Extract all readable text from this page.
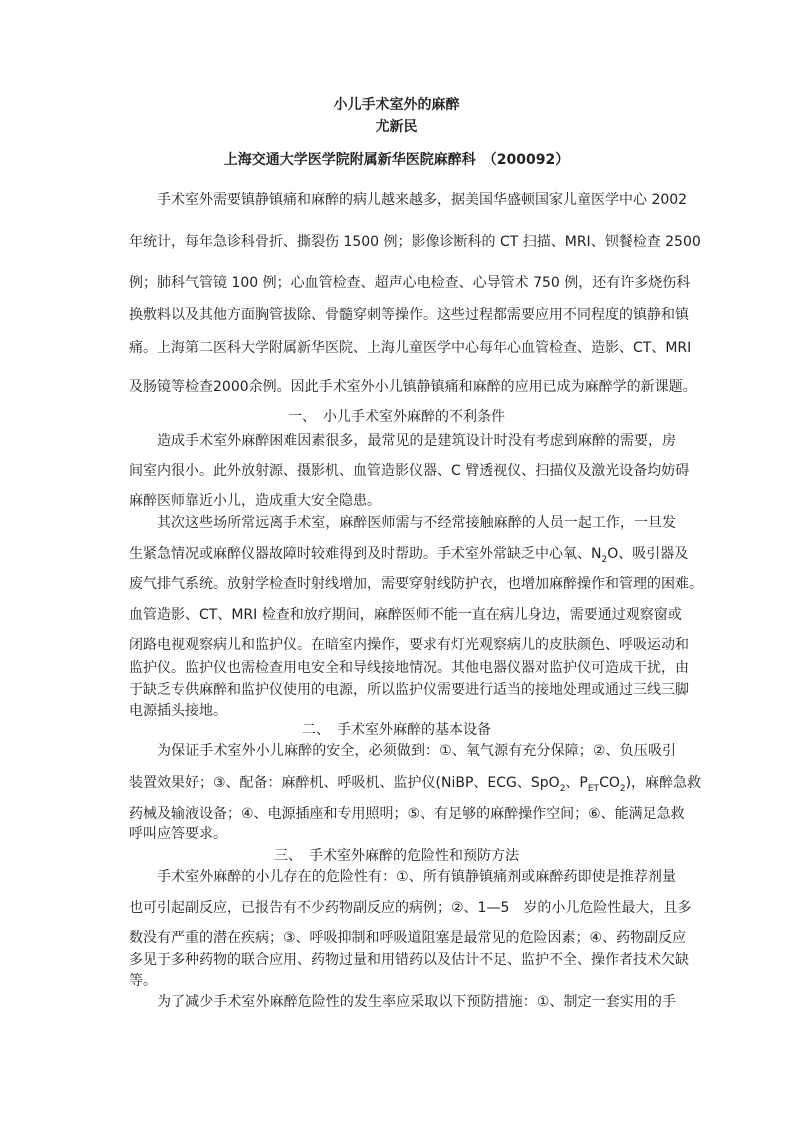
小儿手术室外的麻醉
尤新民
上海交通大学医学院附属新华医院麻醉科　（200092）
手术室外需要镇静镇痛和麻醉的病儿越来越多，据美国华盛顿国家儿童医学中心 2002
年统计，每年急诊科骨折、撕裂伤 1500 例；影像诊断科的 CT 扫描、MRI、钡餐检查 2500
例；肺科气管镜 100 例；心血管检查、超声心电检查、心导管术 750 例，还有许多烧伤科
换敷料以及其他方面胸管拔除、骨髓穿刺等操作。这些过程都需要应用不同程度的镇静和镇
痛。上海第二医科大学附属新华医院、上海儿童医学中心每年心血管检查、造影、CT、MRI
及肠镜等检查2000余例。因此手术室外小儿镇静镇痛和麻醉的应用已成为麻醉学的新课题。
一、　小儿手术室外麻醉的不利条件
造成手术室外麻醉困难因素很多，最常见的是建筑设计时没有考虑到麻醉的需要，房
间室内很小。此外放射源、摄影机、血管造影仪器、C 臂透视仪、扫描仪及激光设备均妨碍
麻醉医师靠近小儿，造成重大安全隐患。
其次这些场所常远离手术室，麻醉医师需与不经常接触麻醉的人员一起工作，一旦发
生紧急情况或麻醉仪器故障时较难得到及时帮助。手术室外常缺乏中心氧、$N_2O$、吸引器及
废气排气系统。放射学检查时射线增加，需要穿射线防护衣，也增加麻醉操作和管理的困难。
血管造影、CT、MRI 检查和放疗期间，麻醉医师不能一直在病儿身边，需要通过观察窗或
闭路电视观察病儿和监护仪。在暗室内操作，要求有灯光观察病儿的皮肤颜色、呼吸运动和
监护仪。监护仪也需检查用电安全和导线接地情况。其他电器仪器对监护仪可造成干扰，由
于缺乏专供麻醉和监护仪使用的电源，所以监护仪需要进行适当的接地处理或通过三线三脚
电源插头接地。
二、　手术室外麻醉的基本设备
为保证手术室外小儿麻醉的安全，必须做到：①、氧气源有充分保障；②、负压吸引
装置效果好；③、配备：麻醉机、呼吸机、监护仪(NiBP、ECG、SpO$_2$、$P_{ET}CO_2$)，麻醉急救
药械及输液设备；④、电源插座和专用照明；⑤、有足够的麻醉操作空间；⑥、能满足急救
呼叫应答要求。
三、　手术室外麻醉的危险性和预防方法
手术室外麻醉的小儿存在的危险性有：①、所有镇静镇痛剂或麻醉药即使是推荐剂量
也可引起副反应，已报告有不少药物副反应的病例；②、1—5　岁的小儿危险性最大，且多
数没有严重的潜在疾病；③、呼吸抑制和呼吸道阻塞是最常见的危险因素；④、药物副反应
多见于多种药物的联合应用、药物过量和用错药以及估计不足、监护不全、操作者技术欠缺
等。
为了减少手术室外麻醉危险性的发生率应采取以下预防措施：①、制定一套实用的手
